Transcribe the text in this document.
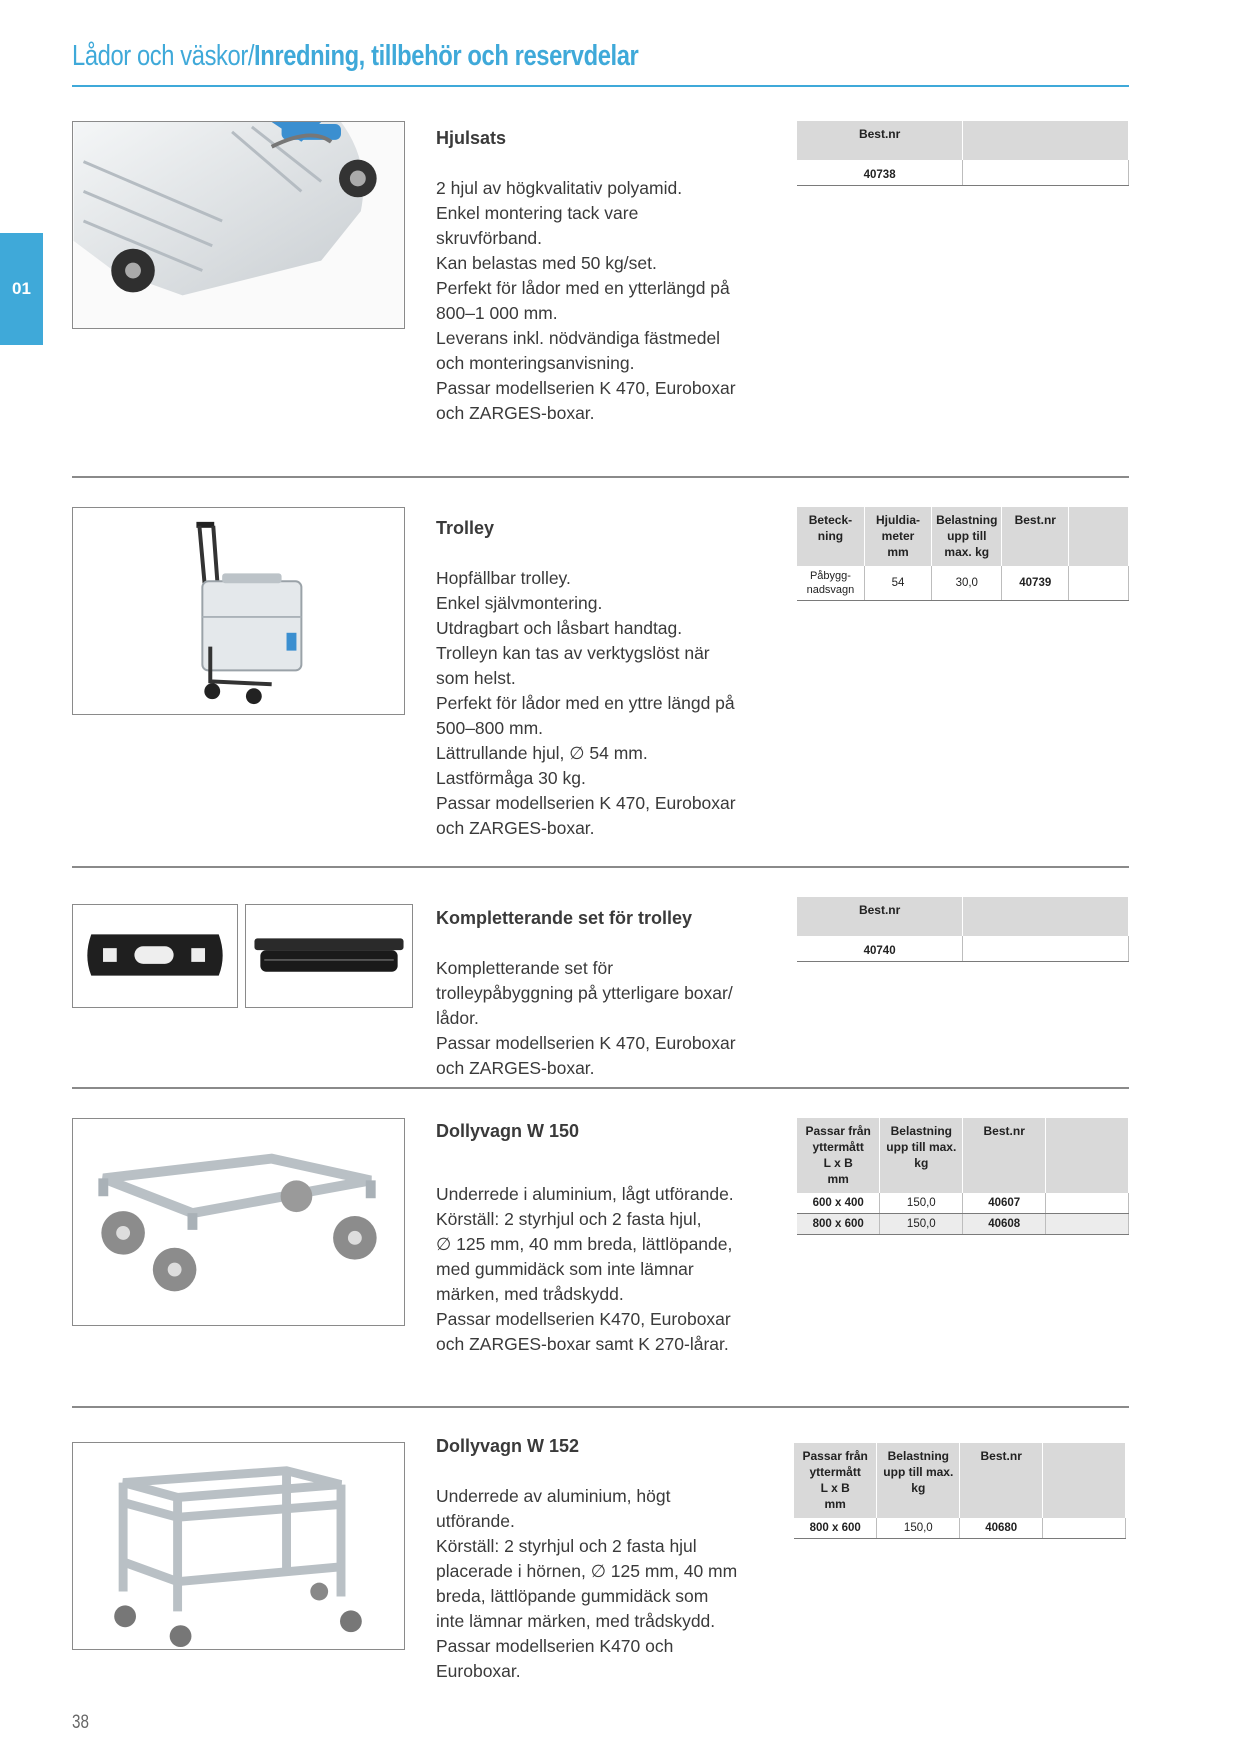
Lådor och väskor/Inredning, tillbehör och reservdelar
01
Hjulsats
2 hjul av högkvalitativ polyamid.
Enkel montering tack vare
skruvförband.
Kan belastas med 50 kg/set.
Perfekt för lådor med en ytterlängd på
800–1 000 mm.
Leverans inkl. nödvändiga fästmedel
och monteringsanvisning.
Passar modellserien K 470, Euroboxar
och ZARGES-boxar.
Best.nr	
40738	
Trolley
Hopfällbar trolley.
Enkel självmontering.
Utdragbart och låsbart handtag.
Trolleyn kan tas av verktygslöst när
som helst.
Perfekt för lådor med en yttre längd på
500–800 mm.
Lättrullande hjul, ∅ 54 mm.
Lastförmåga 30 kg.
Passar modellserien K 470, Euroboxar
och ZARGES-boxar.
Beteck-
ning	Hjuldia-
meter
mm	Belastning
upp till
max. kg	Best.nr	
Påbygg-
nadsvagn	54	30,0	40739	
Kompletterande set för trolley
Kompletterande set för
trolleypåbyggning på ytterligare boxar/
lådor.
Passar modellserien K 470, Euroboxar
och ZARGES-boxar.
Best.nr	
40740	
Dollyvagn W 150
Underrede i aluminium, lågt utförande.
Körställ: 2 styrhjul och 2 fasta hjul,
∅ 125 mm, 40 mm breda, lättlöpande,
med gummidäck som inte lämnar
märken, med trådskydd.
Passar modellserien K470, Euroboxar
och ZARGES-boxar samt K 270-lårar.
Passar från
yttermått
L x B
mm	Belastning
upp till max.
kg	Best.nr	
600 x 400	150,0	40607	
800 x 600	150,0	40608	
Dollyvagn W 152
Underrede av aluminium, högt
utförande.
Körställ: 2 styrhjul och 2 fasta hjul
placerade i hörnen, ∅ 125 mm, 40 mm
breda, lättlöpande gummidäck som
inte lämnar märken, med trådskydd.
Passar modellserien K470 och
Euroboxar.
Passar från
yttermått
L x B
mm	Belastning
upp till max.
kg	Best.nr	
800 x 600	150,0	40680	
38
